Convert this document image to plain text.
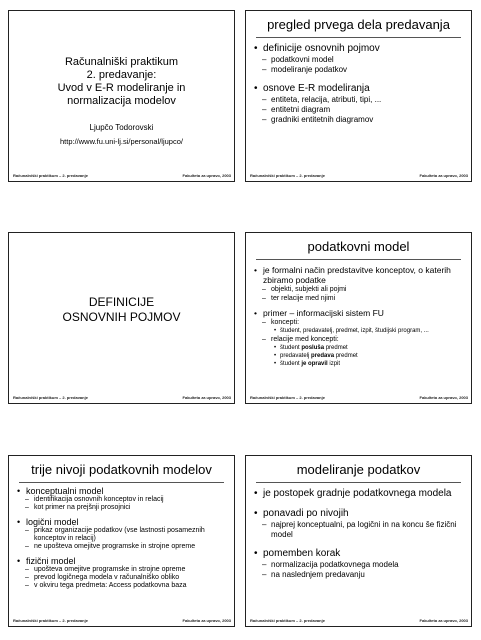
Računalniški praktikum
2. predavanje:
Uvod v E-R modeliranje in
normalizacija modelov
Ljupčo Todorovski
http://www.fu.uni-lj.si/personal/ljupco/
Računalniški praktikum – 2. predavanje	Fakulteta za upravo, 2003
pregled prvega dela predavanja
• definicije osnovnih pojmov
– podatkovni model
– modeliranje podatkov
• osnove E-R modeliranja
– entiteta, relacija, atributi, tipi, ...
– entitetni diagram
– gradniki entitetnih diagramov
Računalniški praktikum – 2. predavanje	Fakulteta za upravo, 2003
DEFINICIJE
OSNOVNIH POJMOV
Računalniški praktikum – 2. predavanje	Fakulteta za upravo, 2003
podatkovni model
• je formalni način predstavitve konceptov, o katerih zbiramo podatke
– objekti, subjekti ali pojmi
– ter relacije med njimi
• primer – informacijski sistem FU
– koncepti:
• študent, predavatelj, predmet, izpit, študijski program, ...
– relacije med koncepti:
• študent posluša predmet
• predavatelj predava predmet
• študent je opravil izpit
Računalniški praktikum – 2. predavanje	Fakulteta za upravo, 2003
trije nivoji podatkovnih modelov
• konceptualni model
– identifikacija osnovnih konceptov in relacij
– kot primer na prejšnji prosojnici
• logični model
– prikaz organizacije podatkov (vse lastnosti posameznih konceptov in relacij)
– ne upošteva omejitve programske in strojne opreme
• fizični model
– upošteva omejitve programske in strojne opreme
– prevod logičnega modela v računalniško obliko
– v okviru tega predmeta: Access podatkovna baza
Računalniški praktikum – 2. predavanje	Fakulteta za upravo, 2003
modeliranje podatkov
• je postopek gradnje podatkovnega modela
• ponavadi po nivojih
– najprej konceptualni, pa logični in na koncu še fizični model
• pomemben korak
– normalizacija podatkovnega modela
– na naslednjem predavanju
Računalniški praktikum – 2. predavanje	Fakulteta za upravo, 2003
